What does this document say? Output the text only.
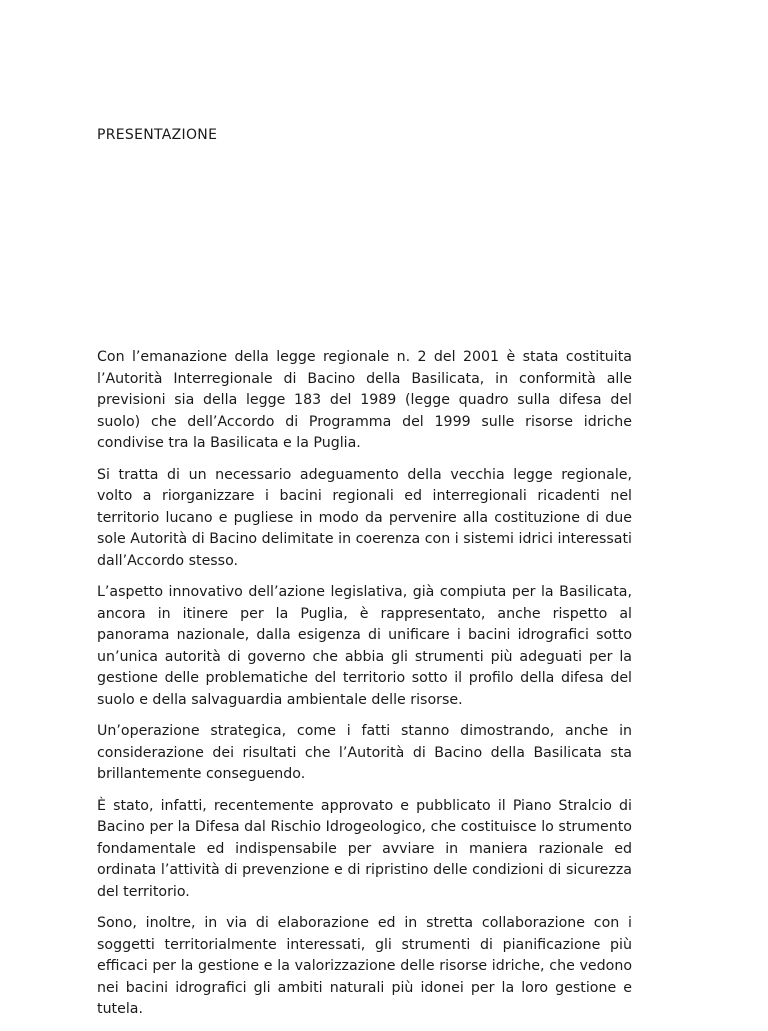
PRESENTAZIONE

Con l’emanazione della legge regionale n. 2 del 2001 è stata costituita l’Autorità Interregionale di Bacino della Basilicata, in conformità alle previsioni sia della legge 183 del 1989 (legge quadro sulla difesa del suolo) che dell’Accordo di Programma del 1999 sulle risorse idriche condivise tra la Basilicata e la Puglia.

Si tratta di un necessario adeguamento della vecchia legge regionale, volto a riorganizzare i bacini regionali ed interregionali ricadenti nel territorio lucano e pugliese in modo da pervenire alla costituzione di due sole Autorità di Bacino delimitate in coerenza con i sistemi idrici interessati dall’Accordo stesso.

L’aspetto innovativo dell’azione legislativa, già compiuta per la Basilicata, ancora in itinere per la Puglia, è rappresentato, anche rispetto al panorama nazionale, dalla esigenza di unificare i bacini idrografici sotto un’unica autorità di governo che abbia gli strumenti più adeguati per la gestione delle problematiche del territorio sotto il profilo della difesa del suolo e della salvaguardia ambientale delle risorse.

Un’operazione strategica, come i fatti stanno dimostrando, anche in considerazione dei risultati che l’Autorità di Bacino della Basilicata sta brillantemente conseguendo.

È stato, infatti, recentemente approvato e pubblicato il Piano Stralcio di Bacino per la Difesa dal Rischio Idrogeologico, che costituisce lo strumento fondamentale ed indispensabile per avviare in maniera razionale ed ordinata l’attività di prevenzione e di ripristino delle condizioni di sicurezza del territorio.

Sono, inoltre, in via di elaborazione ed in stretta collaborazione con i soggetti territorialmente interessati, gli strumenti di pianificazione più efficaci per la gestione e la valorizzazione delle risorse idriche, che vedono nei bacini idrografici gli ambiti naturali più idonei per la loro gestione e tutela.
